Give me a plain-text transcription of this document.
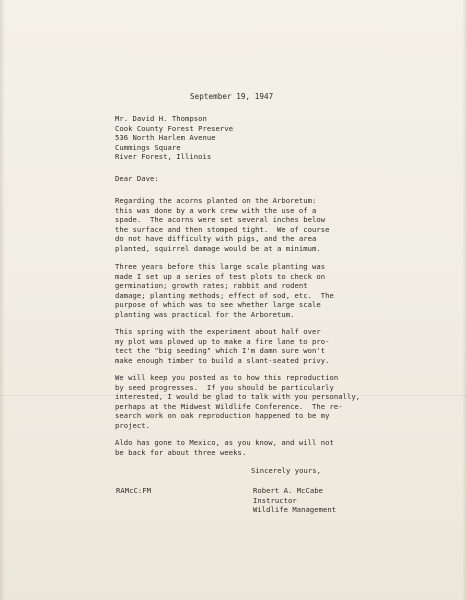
September 19, 1947
Mr. David H. Thompson
Cook County Forest Preserve
536 North Harlem Avenue
Cummings Square
River Forest, Illinois
Dear Dave:
Regarding the acorns planted on the Arboretum:
this was done by a work crew with the use of a
spade.  The acorns were set several inches below
the surface and then stomped tight.  We of course
do not have difficulty with pigs, and the area
planted, squirrel damage would be at a minimum.
Three years before this large scale planting was
made I set up a series of test plots to check on
germination; growth rates; rabbit and rodent
damage; planting methods; effect of sod, etc.  The
purpose of which was to see whether large scale
planting was practical for the Arboretum.
This spring with the experiment about half over
my plot was plowed up to make a fire lane to pro-
tect the "big seeding" which I'm damn sure won't
make enough timber to build a slant-seated privy.
We will keep you posted as to how this reproduction
by seed progresses.  If you should be particularly
interested, I would be glad to talk with you personally,
perhaps at the Midwest Wildlife Conference.  The re-
search work on oak reproduction happened to be my
project.
Aldo has gone to Mexico, as you know, and will not
be back for about three weeks.
Sincerely yours,
Robert A. McCabe
Instructor
Wildlife Management
RAMcC:FM
